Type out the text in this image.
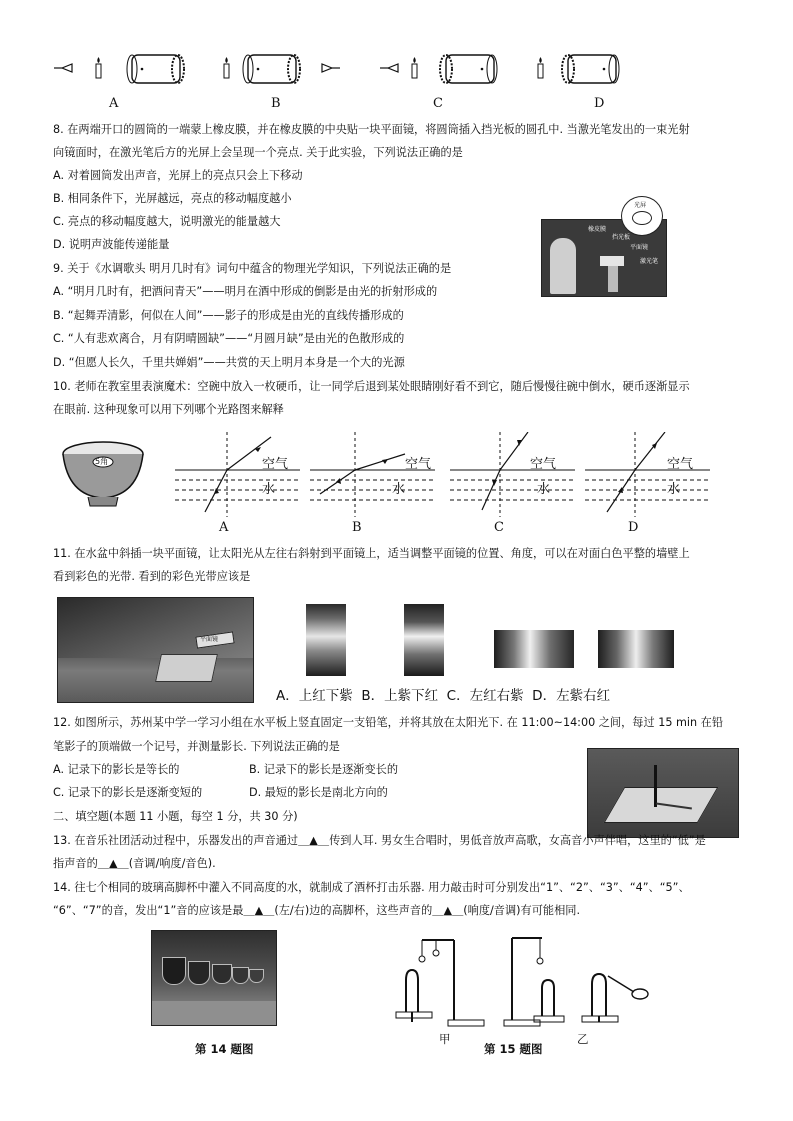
A	B	C	D
8. 在两端开口的圆筒的一端蒙上橡皮膜，并在橡皮膜的中央贴一块平面镜，将圆筒插入挡光板的圆孔中. 当激光笔发出的一束光射
向镜面时，在激光笔后方的光屏上会呈现一个亮点. 关于此实验，下列说法正确的是
A. 对着圆筒发出声音，光屏上的亮点只会上下移动
B. 相同条件下，光屏越远，亮点的移动幅度越小
C. 亮点的移动幅度越大，说明激光的能量越大
D. 说明声波能传递能量
橡皮膜
挡光板
平面镜
激光笔
光屏
9. 关于《水调歌头 明月几时有》词句中蕴含的物理光学知识，下列说法正确的是
A. “明月几时有，把酒问青天”——明月在酒中形成的倒影是由光的折射形成的
B. “起舞弄清影，何似在人间”——影子的形成是由光的直线传播形成的
C. “人有悲欢离合，月有阴晴圆缺”——“月圆月缺”是由光的色散形成的
D. “但愿人长久，千里共婵娟”——共赏的天上明月本身是一个大的光源
10. 老师在教室里表演魔术：空碗中放入一枚硬币，让一同学后退到某处眼睛刚好看不到它，随后慢慢往碗中倒水，硬币逐渐显示
在眼前. 这种现象可以用下列哪个光路图来解释
5角	空气
水
空气
水
空气
水
空气
水
A	B	C	D
11. 在水盆中斜插一块平面镜，让太阳光从左往右斜射到平面镜上，适当调整平面镜的位置、角度，可以在对面白色平整的墙壁上
看到彩色的光带. 看到的彩色光带应该是
平面镜
A．上红下紫  B．上紫下红  C．左红右紫  D．左紫右红
12. 如图所示，苏州某中学一学习小组在水平板上竖直固定一支铅笔，并将其放在太阳光下. 在 11:00~14:00 之间，每过 15 min 在铅
笔影子的顶端做一个记号，并测量影长. 下列说法正确的是
A. 记录下的影长是等长的	B. 记录下的影长是逐渐变长的
C. 记录下的影长是逐渐变短的	D. 最短的影长是南北方向的
二、填空题(本题 11 小题，每空 1 分，共 30 分)
13. 在音乐社团活动过程中，乐器发出的声音通过＿▲＿传到人耳. 男女生合唱时，男低音放声高歌，女高音小声伴唱，这里的“低”是
指声音的＿▲＿(音调/响度/音色).
14. 往七个相同的玻璃高脚杯中灌入不同高度的水，就制成了酒杯打击乐器. 用力敲击时可分别发出“1”、“2”、“3”、“4”、“5”、
“6”、“7”的音，发出“1”音的应该是最＿▲＿(左/右)边的高脚杯，这些声音的＿▲＿(响度/音调)有可能相同.
第 14 题图
甲
第 15 题图
乙
